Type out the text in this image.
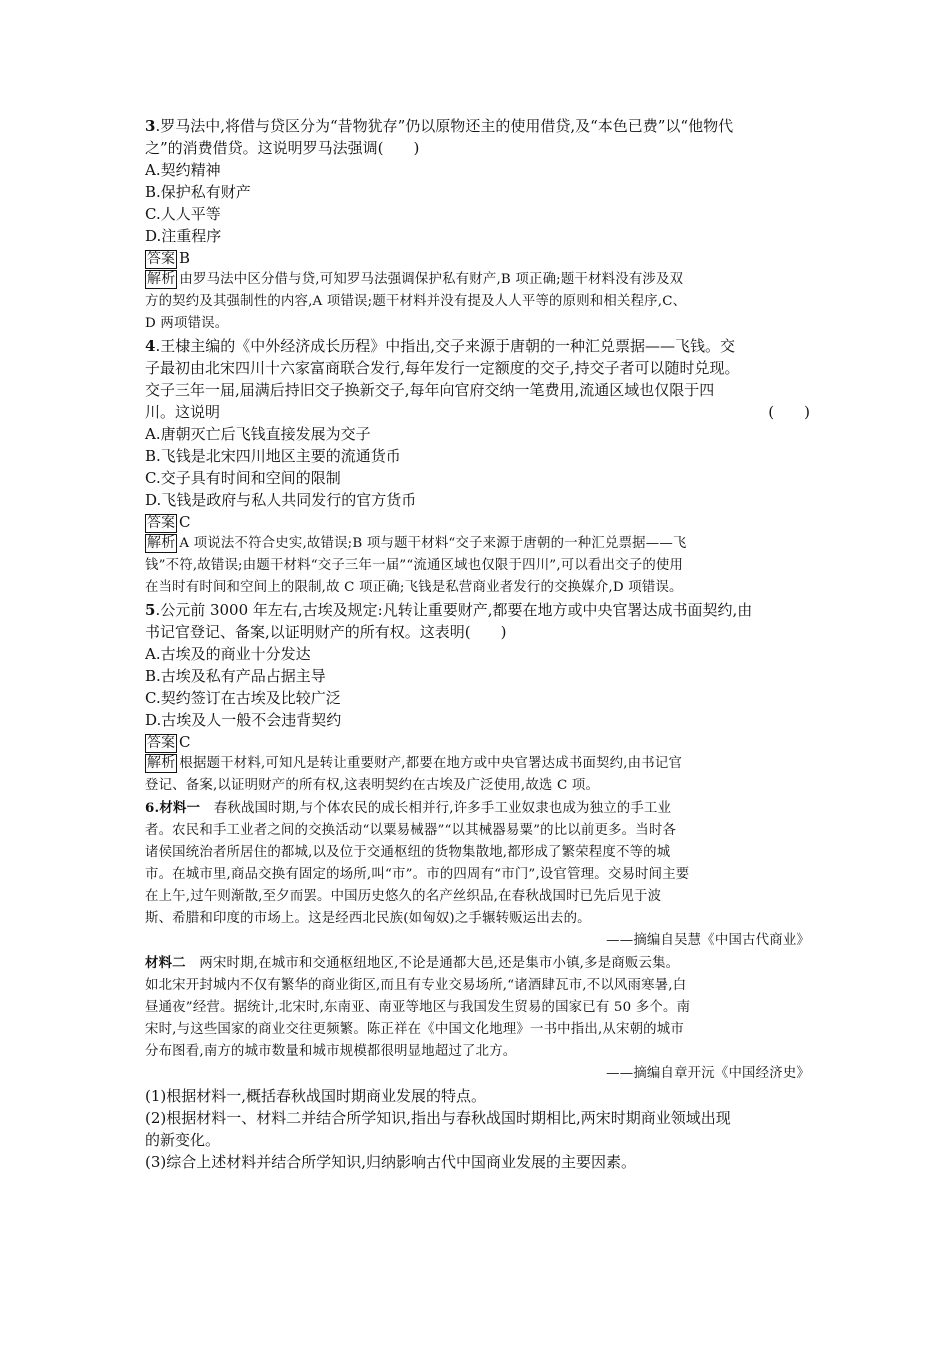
3.罗马法中,将借与贷区分为“昔物犹存”仍以原物还主的使用借贷,及“本色已费”以“他物代
之”的消费借贷。这说明罗马法强调(　　)
A.契约精神
B.保护私有财产
C.人人平等
D.注重程序
答案 B
解析 由罗马法中区分借与贷,可知罗马法强调保护私有财产,B 项正确;题干材料没有涉及双
方的契约及其强制性的内容,A 项错误;题干材料并没有提及人人平等的原则和相关程序,C、
D 两项错误。
4.王棣主编的《中外经济成长历程》中指出,交子来源于唐朝的一种汇兑票据——飞钱。交
子最初由北宋四川十六家富商联合发行,每年发行一定额度的交子,持交子者可以随时兑现。
交子三年一届,届满后持旧交子换新交子,每年向官府交纳一笔费用,流通区域也仅限于四
川。这说明	(　　)
A.唐朝灭亡后飞钱直接发展为交子
B.飞钱是北宋四川地区主要的流通货币
C.交子具有时间和空间的限制
D.飞钱是政府与私人共同发行的官方货币
答案 C
解析 A 项说法不符合史实,故错误;B 项与题干材料“交子来源于唐朝的一种汇兑票据——飞
钱”不符,故错误;由题干材料“交子三年一届”“流通区域也仅限于四川”,可以看出交子的使用
在当时有时间和空间上的限制,故 C 项正确;飞钱是私营商业者发行的交换媒介,D 项错误。
5.公元前 3000 年左右,古埃及规定:凡转让重要财产,都要在地方或中央官署达成书面契约,由
书记官登记、备案,以证明财产的所有权。这表明(　　)
A.古埃及的商业十分发达
B.古埃及私有产品占据主导
C.契约签订在古埃及比较广泛
D.古埃及人一般不会违背契约
答案 C
解析 根据题干材料,可知凡是转让重要财产,都要在地方或中央官署达成书面契约,由书记官
登记、备案,以证明财产的所有权,这表明契约在古埃及广泛使用,故选 C 项。
6.材料一　春秋战国时期,与个体农民的成长相并行,许多手工业奴隶也成为独立的手工业
者。农民和手工业者之间的交换活动“以粟易械器”“以其械器易粟”的比以前更多。当时各
诸侯国统治者所居住的都城,以及位于交通枢纽的货物集散地,都形成了繁荣程度不等的城
市。在城市里,商品交换有固定的场所,叫“市”。市的四周有“市门”,设官管理。交易时间主要
在上午,过午则渐散,至夕而罢。中国历史悠久的名产丝织品,在春秋战国时已先后见于波
斯、希腊和印度的市场上。这是经西北民族(如匈奴)之手辗转贩运出去的。
——摘编自吴慧《中国古代商业》
材料二　两宋时期,在城市和交通枢纽地区,不论是通都大邑,还是集市小镇,多是商贩云集。
如北宋开封城内不仅有繁华的商业街区,而且有专业交易场所,“诸酒肆瓦市,不以风雨寒暑,白
昼通夜”经营。据统计,北宋时,东南亚、南亚等地区与我国发生贸易的国家已有 50 多个。南
宋时,与这些国家的商业交往更频繁。陈正祥在《中国文化地理》一书中指出,从宋朝的城市
分布图看,南方的城市数量和城市规模都很明显地超过了北方。
——摘编自章开沅《中国经济史》
(1)根据材料一,概括春秋战国时期商业发展的特点。
(2)根据材料一、材料二并结合所学知识,指出与春秋战国时期相比,两宋时期商业领域出现
的新变化。
(3)综合上述材料并结合所学知识,归纳影响古代中国商业发展的主要因素。
